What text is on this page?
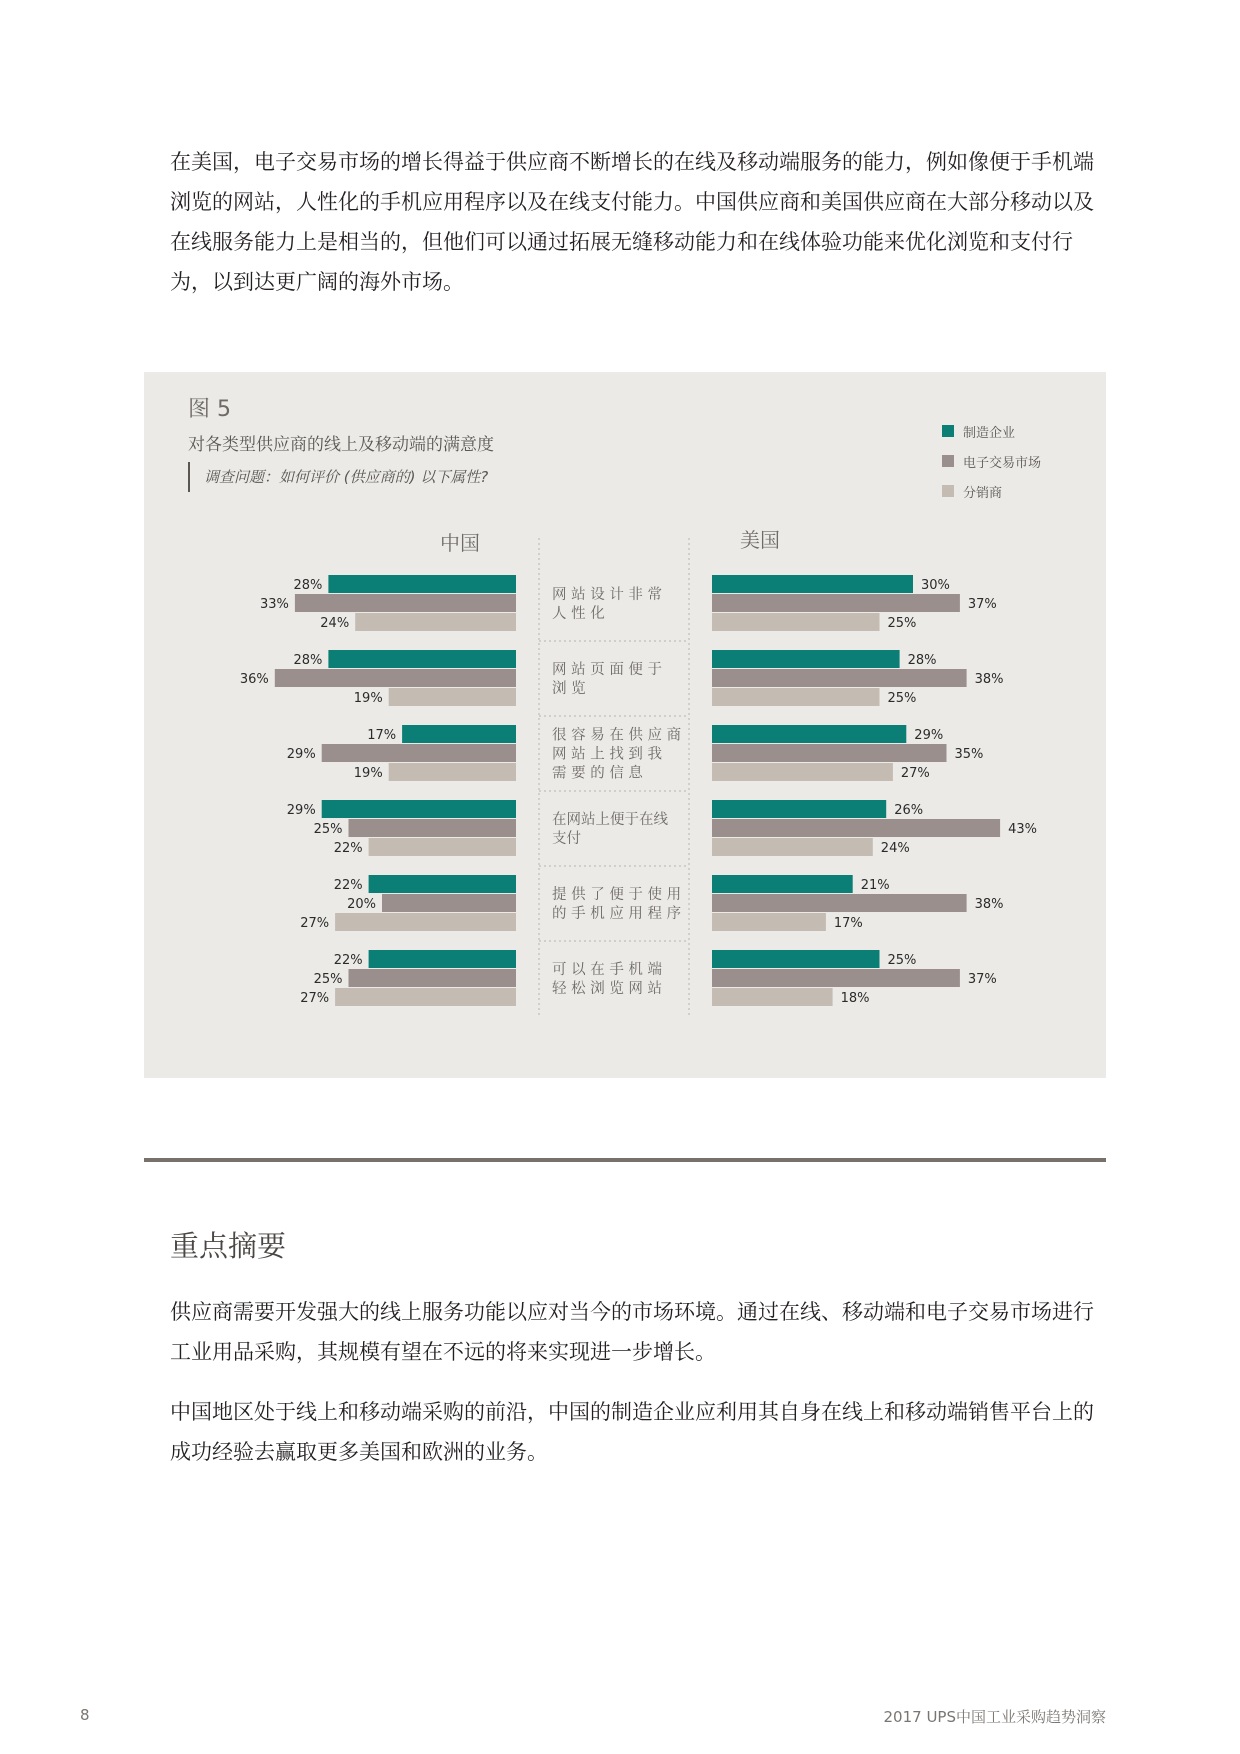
在美国，电子交易市场的增长得益于供应商不断增长的在线及移动端服务的能力，例如像便于手机端浏览的网站，人性化的手机应用程序以及在线支付能力。中国供应商和美国供应商在大部分移动以及在线服务能力上是相当的，但他们可以通过拓展无缝移动能力和在线体验功能来优化浏览和支付行为，以到达更广阔的海外市场。
图 5
对各类型供应商的线上及移动端的满意度
调查问题：如何评价 (供应商的) 以下属性?
制造企业
电子交易市场
分销商
中国	美国
网 站 设 计 非 常
人 性 化
28%	30%
33%	37%
24%	25%
网 站 页 面 便 于
浏 览
28%	28%
36%	38%
19%	25%
很 容 易 在 供 应 商
网 站 上 找 到 我
需 要 的 信 息
17%	29%
29%	35%
19%	27%
在网站上便于在线
支付
29%	26%
25%	43%
22%	24%
提 供 了 便 于 使 用
的 手 机 应 用 程 序
22%	21%
20%	38%
27%	17%
可 以 在 手 机 端
轻 松 浏 览 网 站
22%	25%
25%	37%
27%	18%
重点摘要
供应商需要开发强大的线上服务功能以应对当今的市场环境。通过在线、移动端和电子交易市场进行工业用品采购，其规模有望在不远的将来实现进一步增长。
中国地区处于线上和移动端采购的前沿，中国的制造企业应利用其自身在线上和移动端销售平台上的成功经验去赢取更多美国和欧洲的业务。
8	2017 UPS中国工业采购趋势洞察
